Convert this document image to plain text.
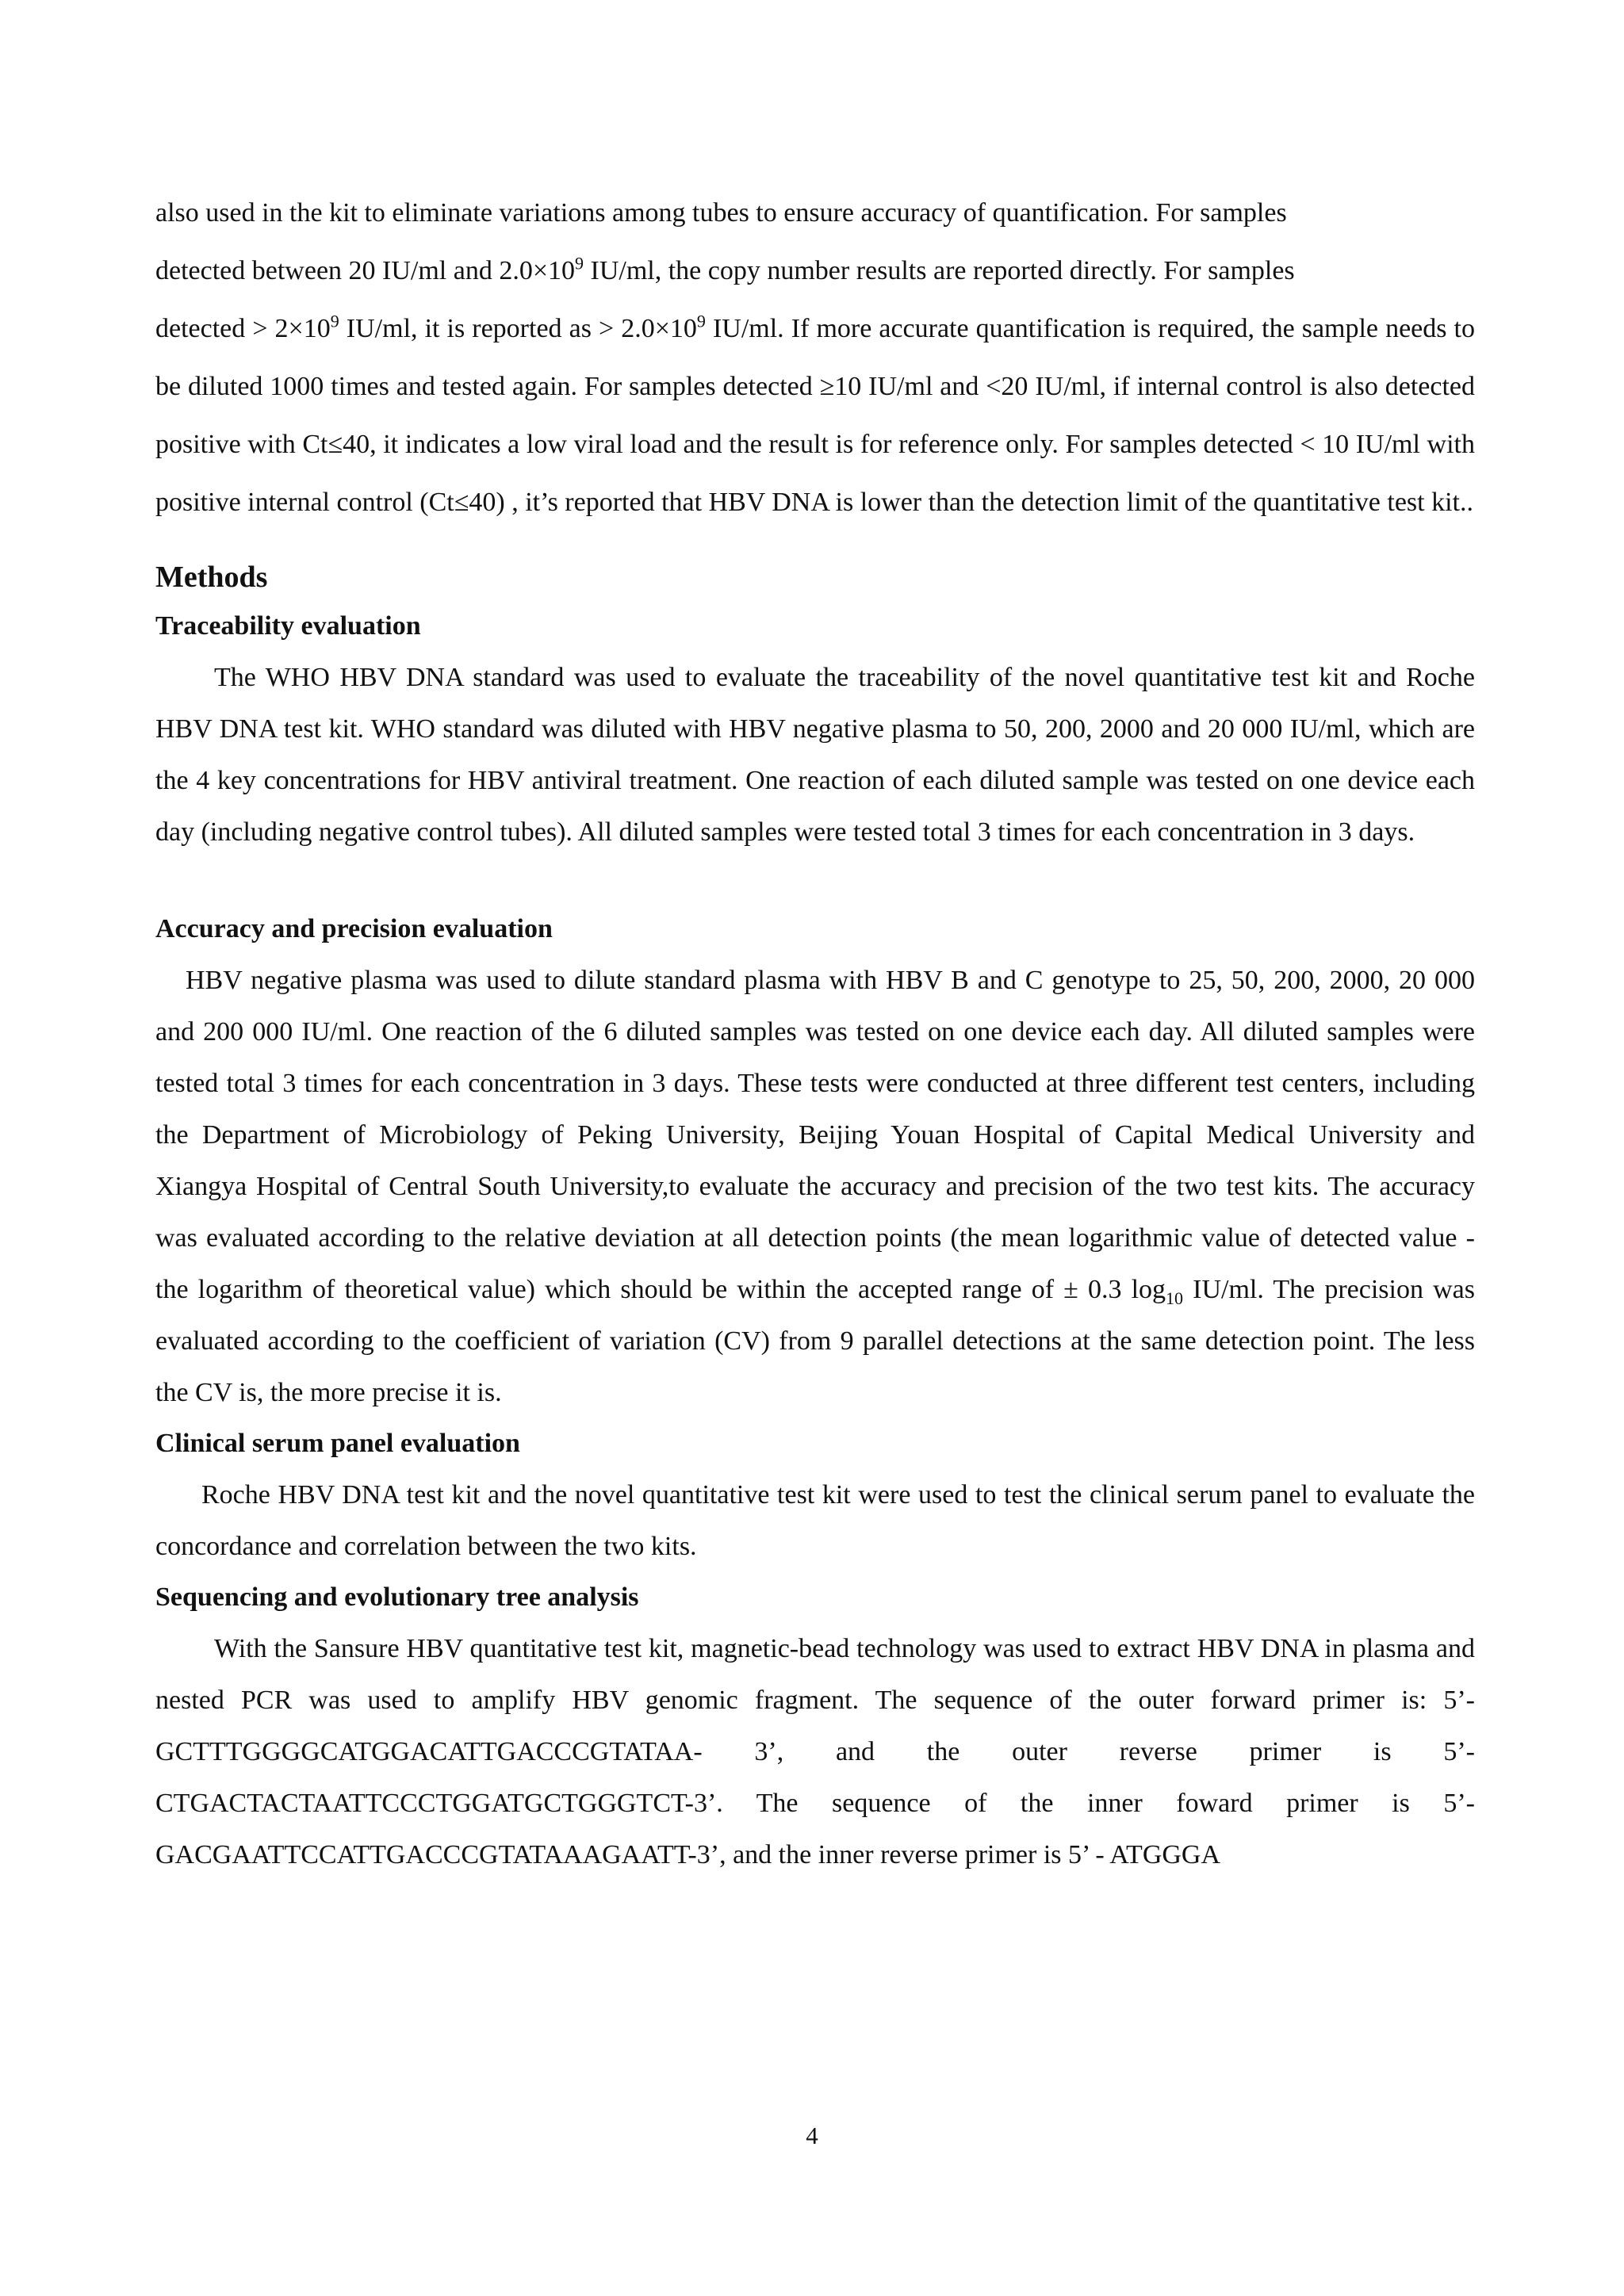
also used in the kit to eliminate variations among tubes to ensure accuracy of quantification. For samples
detected between 20 IU/ml and $2.0\times 10^9$ IU/ml, the copy number results are reported directly. For samples
detected > $2\times 10^9$ IU/ml, it is reported as > $2.0\times 10^9$ IU/ml. If more accurate quantification is required, the sample needs to be diluted 1000 times and tested again. For samples detected ≥10 IU/ml and <20 IU/ml, if internal control is also detected positive with Ct≤40, it indicates a low viral load and the result is for reference only. For samples detected < 10 IU/ml with positive internal control (Ct≤40) , it’s reported that HBV DNA is lower than the detection limit of the quantitative test kit..
Methods
Traceability evaluation

The WHO HBV DNA standard was used to evaluate the traceability of the novel quantitative test kit and Roche HBV DNA test kit. WHO standard was diluted with HBV negative plasma to 50, 200, 2000 and 20 000 IU/ml, which are the 4 key concentrations for HBV antiviral treatment. One reaction of each diluted sample was tested on one device each day (including negative control tubes). All diluted samples were tested total 3 times for each concentration in 3 days.

Accuracy and precision evaluation

HBV negative plasma was used to dilute standard plasma with HBV B and C genotype to 25, 50, 200, 2000, 20 000 and 200 000 IU/ml. One reaction of the 6 diluted samples was tested on one device each day. All diluted samples were tested total 3 times for each concentration in 3 days. These tests were conducted at three different test centers, including the Department of Microbiology of Peking University, Beijing Youan Hospital of Capital Medical University and Xiangya Hospital of Central South University,to evaluate the accuracy and precision of the two test kits. The accuracy was evaluated according to the relative deviation at all detection points (the mean logarithmic value of detected value - the logarithm of theoretical value) which should be within the accepted range of ± 0.3 $\log_{10} IU/ml$. The precision was evaluated according to the coefficient of variation (CV) from 9 parallel detections at the same detection point. The less the CV is, the more precise it is.

Clinical serum panel evaluation

Roche HBV DNA test kit and the novel quantitative test kit were used to test the clinical serum panel to evaluate the concordance and correlation between the two kits.

Sequencing and evolutionary tree analysis

With the Sansure HBV quantitative test kit, magnetic-bead technology was used to extract HBV DNA in plasma and nested PCR was used to amplify HBV genomic fragment. The sequence of the outer forward primer is: 5’-GCTTTGGGGCATGGACATTGACCCGTATAA- 3’, and the outer reverse primer is 5’-CTGACTACTAATTCCCTGGATGCTGGGTCT-3’. The sequence of the inner foward primer is 5’-GACGAATTCCATTGACCCGTATAAAGAATT-3’, and the inner reverse primer is 5’ - ATGGGA

4
